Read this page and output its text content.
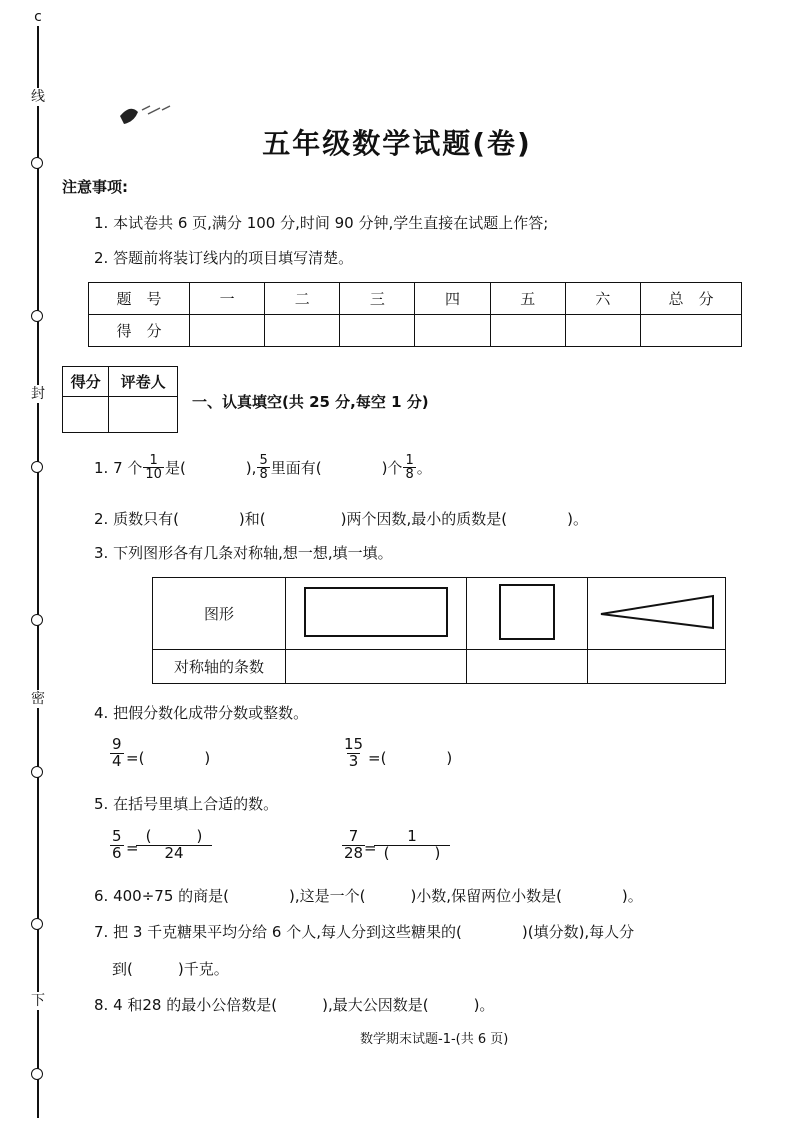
c
线
封
密
下
五年级数学试题(卷)
注意事项:
1. 本试卷共 6 页,满分 100 分,时间 90 分钟,学生直接在试题上作答;
2. 答题前将装订线内的项目填写清楚。
题　号	一	二	三	四	五	六	总　分
得　分							
得分	评卷人

一、认真填空(共 25 分,每空 1 分)
1. 7 个 $\frac{1}{10}$ 是(　　　　), $\frac{5}{8}$ 里面有(　　　　)个 $\frac{1}{8}$ 。
2. 质数只有(　　　　)和(　　　　　)两个因数,最小的质数是(　　　　)。
3. 下列图形各有几条对称轴,想一想,填一填。
图形			
对称轴的条数			
4. 把假分数化成带分数或整数。
$\frac{9}{4}$ =(　　　　)	$\frac{15}{3}$ =(　　　　)
5. 在括号里填上合适的数。
$\frac{5}{6}$ =
(　　　)
24	$\frac{7}{28}$
=
1
(　　　)
6. 400÷75 的商是(　　　　),这是一个(　　　)小数,保留两位小数是(　　　　)。
7. 把 3 千克糖果平均分给 6 个人,每人分到这些糖果的(　　　　)(填分数),每人分
到(　　　)千克。
8. 4 和28 的最小公倍数是(　　　),最大公因数是(　　　)。
数学期末试题-1-(共 6 页)
